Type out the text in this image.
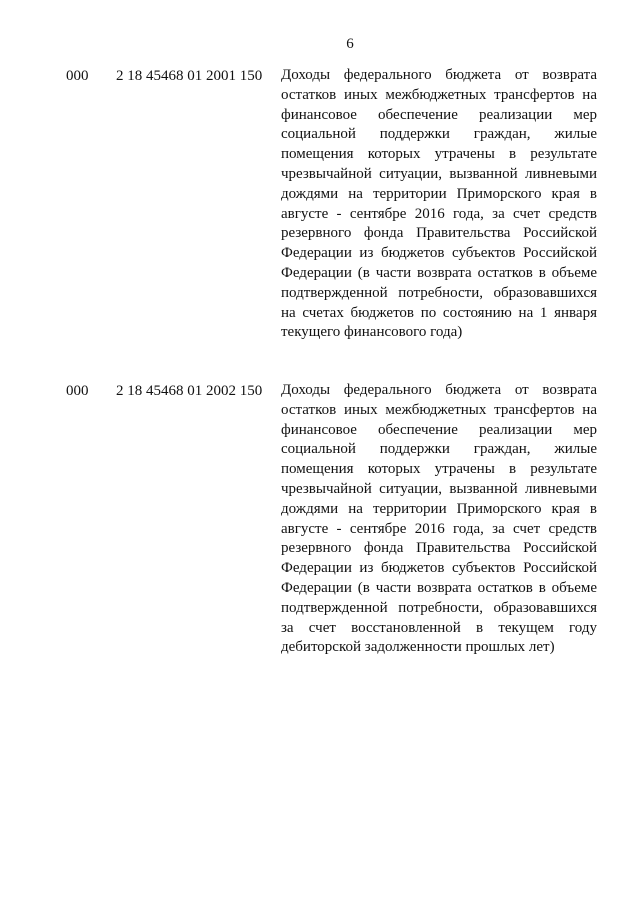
6
000 2 18 45468 01 2001 150 Доходы федерального бюджета от возврата
остатков иных межбюджетных трансфертов на
финансовое обеспечение реализации мер
социальной поддержки граждан, жилые
помещения которых утрачены в результате
чрезвычайной ситуации, вызванной ливневыми
дождями на территории Приморского края в
августе - сентябре 2016 года, за счет средств
резервного фонда Правительства Российской
Федерации из бюджетов субъектов Российской
Федерации (в части возврата остатков в объеме
подтвержденной потребности, образовавшихся
на счетах бюджетов по состоянию на 1 января
текущего финансового года)
000 2 18 45468 01 2002 150 Доходы федерального бюджета от возврата
остатков иных межбюджетных трансфертов на
финансовое обеспечение реализации мер
социальной поддержки граждан, жилые
помещения которых утрачены в результате
чрезвычайной ситуации, вызванной ливневыми
дождями на территории Приморского края в
августе - сентябре 2016 года, за счет средств
резервного фонда Правительства Российской
Федерации из бюджетов субъектов Российской
Федерации (в части возврата остатков в объеме
подтвержденной потребности, образовавшихся
за счет восстановленной в текущем году
дебиторской задолженности прошлых лет)
